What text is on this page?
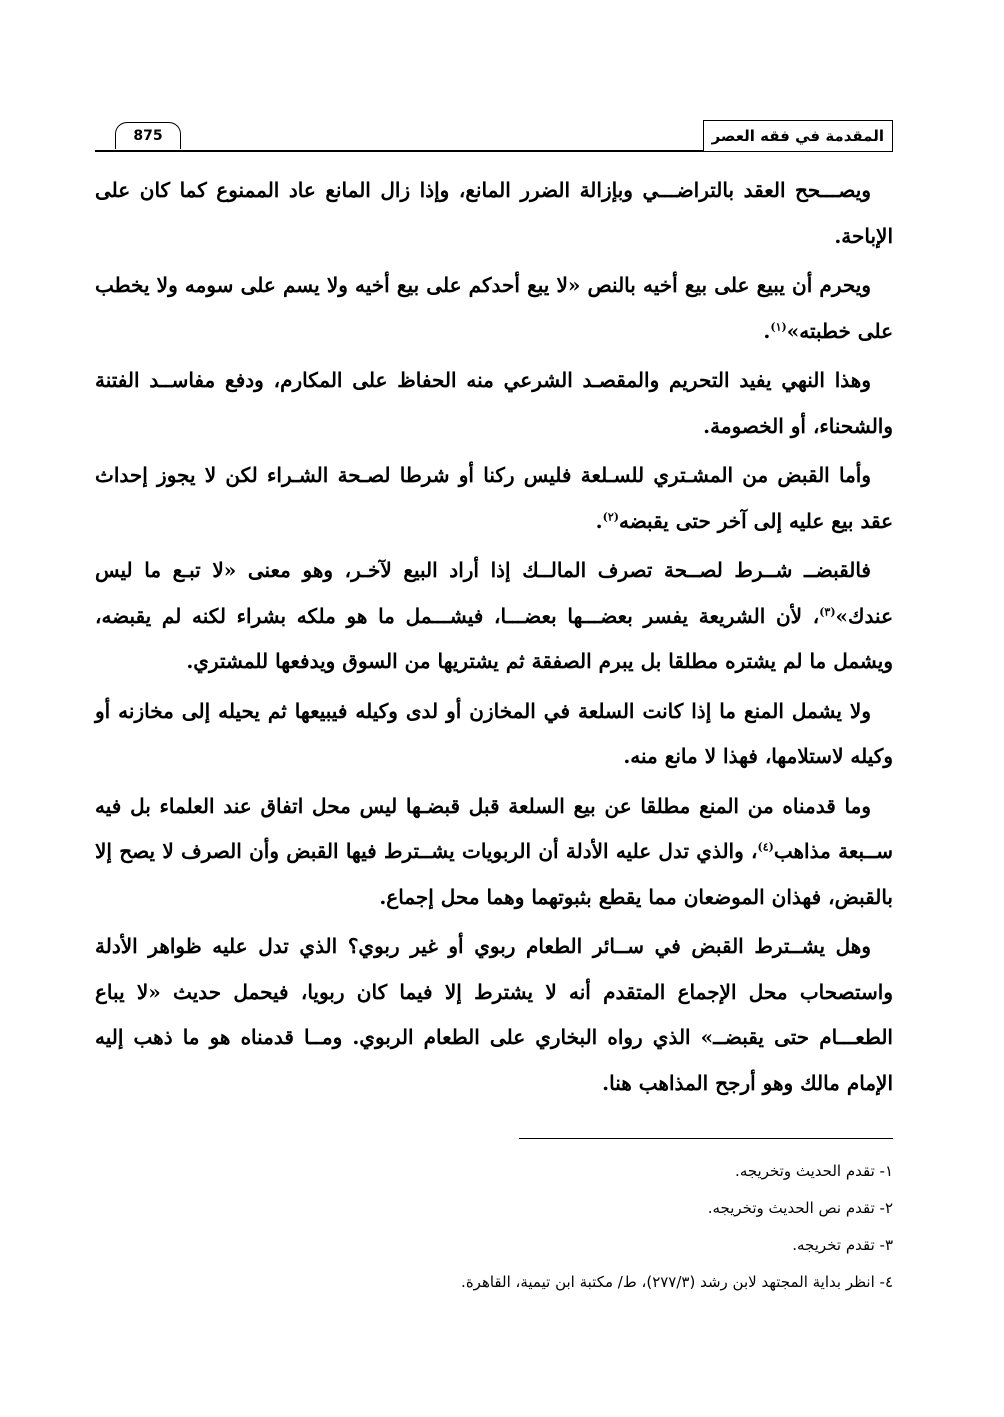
المقدمة في فقه العصر
875

ويصـــحح العقد بالتراضـــي وبإزالة الضرر المانع، وإذا زال المانع عاد الممنوع كما كان على الإباحة.

ويحرم أن يبيع على بيع أخيه بالنص «لا يبع أحدكم على بيع أخيه ولا يسم على سومه ولا يخطب على خطبته»$^{(١)}$.

وهذا النهي يفيد التحريم والمقصـد الشرعي منه الحفاظ على المكارم، ودفع مفاســد الفتنة والشحناء، أو الخصومة.

وأما القبض من المشـتري للسـلعة فليس ركنا أو شرطا لصـحة الشـراء لكن لا يجوز إحداث عقد بيع عليه إلى آخر حتى يقبضه$^{(٢)}$.

فالقبضــ شــرط لصــحة تصرف المالــك إذا أراد البيع لآخـر، وهو معنى «لا تبـع ما ليس عندك»$^{(٣)}$، لأن الشريعة يفسر بعضـــها بعضـــا، فيشـــمل ما هو ملكه بشراء لكنه لم يقبضه، ويشمل ما لم يشتره مطلقا بل يبرم الصفقة ثم يشتريها من السوق ويدفعها للمشتري.

ولا يشمل المنع ما إذا كانت السلعة في المخازن أو لدى وكيله فيبيعها ثم يحيله إلى مخازنه أو وكيله لاستلامها، فهذا لا مانع منه.

وما قدمناه من المنع مطلقا عن بيع السلعة قبل قبضـها ليس محل اتفاق عند العلماء بل فيه ســبعة مذاهب$^{(٤)}$، والذي تدل عليه الأدلة أن الربويات يشــترط فيها القبض وأن الصرف لا يصح إلا بالقبض، فهذان الموضعان مما يقطع بثبوتهما وهما محل إجماع.

وهل يشــترط القبض في ســائر الطعام ربوي أو غير ربوي؟ الذي تدل عليه ظواهر الأدلة واستصحاب محل الإجماع المتقدم أنه لا يشترط إلا فيما كان ربويا، فيحمل حديث «لا يباع الطعـــام حتى يقبضــ» الذي رواه البخاري على الطعام الربوي. ومــا قدمناه هو ما ذهب إليه الإمام مالك وهو أرجح المذاهب هنا.

١- تقدم الحديث وتخريجه.
٢- تقدم نص الحديث وتخريجه.
٣- تقدم تخريجه.
٤- انظر بداية المجتهد لابن رشد (٢٧٧/٣)، ط/ مكتبة ابن تيمية، القاهرة.
